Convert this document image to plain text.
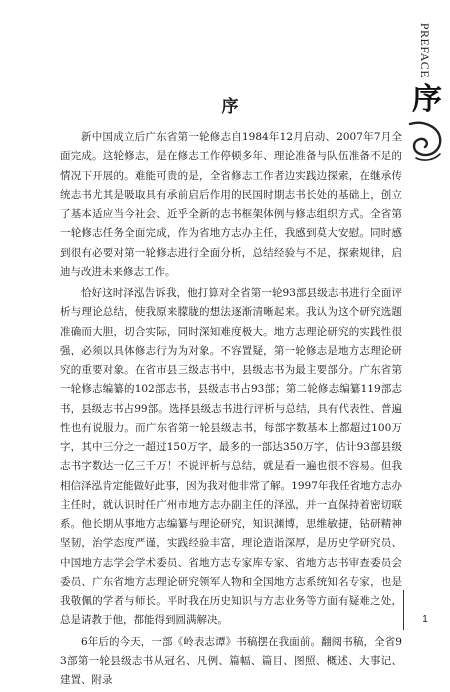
PREFACE
序
序

新中国成立后广东省第一轮修志自1984年12月启动、2007年7月全面完成。这轮修志，是在修志工作停顿多年、理论准备与队伍准备不足的情况下开展的。难能可贵的是，全省修志工作者边实践边探索，在继承传统志书尤其是吸取具有承前启后作用的民国时期志书长处的基础上，创立了基本适应当今社会、近乎全新的志书框架体例与修志组织方式。全省第一轮修志任务全面完成，作为省地方志办主任，我感到莫大安慰。同时感到很有必要对第一轮修志进行全面分析，总结经验与不足，探索规律，启迪与改进未来修志工作。

恰好这时泽泓告诉我，他打算对全省第一轮93部县级志书进行全面评析与理论总结，使我原来朦胧的想法逐渐清晰起来。我认为这个研究选题准确而大胆，切合实际，同时深知难度极大。地方志理论研究的实践性很强，必须以具体修志行为为对象。不容置疑，第一轮修志是地方志理论研究的重要对象。在省市县三级志书中，县级志书为最主要部分。广东省第一轮修志编纂的102部志书，县级志书占93部；第二轮修志编纂119部志书，县级志书占99部。选择县级志书进行评析与总结，具有代表性、普遍性也有说服力。而广东省第一轮县级志书，每部字数基本上都超过100万字，其中三分之一超过150万字，最多的一部达350万字，估计93部县级志书字数达一亿三千万！不说评析与总结，就是看一遍也很不容易。但我相信泽泓肯定能做好此事，因为我对他非常了解。1997年我任省地方志办主任时，就认识时任广州市地方志办副主任的泽泓，并一直保持着密切联系。他长期从事地方志编纂与理论研究，知识渊博，思维敏捷，钻研精神坚韧，治学态度严谨，实践经验丰富，理论造诣深厚，是历史学研究员、中国地方志学会学术委员、省地方志专家库专家、省地方志书审查委员会委员、广东省地方志理论研究领军人物和全国地方志系统知名专家，也是我敬佩的学者与师长。平时我在历史知识与方志业务等方面有疑难之处，总是请教于他，都能得到圆满解决。

6年后的今天，一部《岭表志谭》书稿摆在我面前。翻阅书稿，全省93部第一轮县级志书从冠名、凡例、篇幅、篇目、图照、概述、大事记、建置、附录

1
